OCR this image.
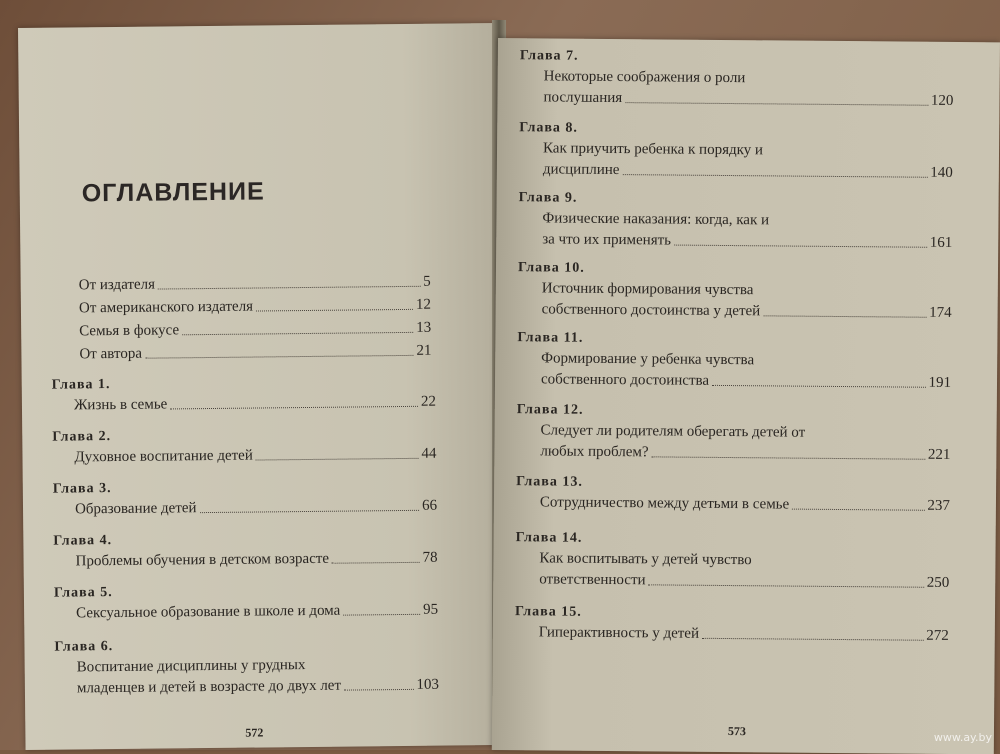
ОГЛАВЛЕНИЕ
От издателя	5
От американского издателя	12
Семья в фокусе	13
От автора	21
Глава 1.
Жизнь в семье	22
Глава 2.
Духовное воспитание детей	44
Глава 3.
Образование детей	66
Глава 4.
Проблемы обучения в детском возрасте	78
Глава 5.
Сексуальное образование в школе и дома	95
Глава 6.
Воспитание дисциплины у грудных
младенцев и детей в возрасте до двух лет	103
572
Глава 7.
Некоторые соображения о роли
послушания	120
Глава 8.
Как приучить ребенка к порядку и
дисциплине	140
Глава 9.
Физические наказания: когда, как и
за что их применять	161
Глава 10.
Источник формирования чувства
собственного достоинства у детей	174
Глава 11.
Формирование у ребенка чувства
собственного достоинства	191
Глава 12.
Следует ли родителям оберегать детей от
любых проблем?	221
Глава 13.
Сотрудничество между детьми в семье	237
Глава 14.
Как воспитывать у детей чувство
ответственности	250
Глава 15.
Гиперактивность у детей	272
573	www.ay.by
